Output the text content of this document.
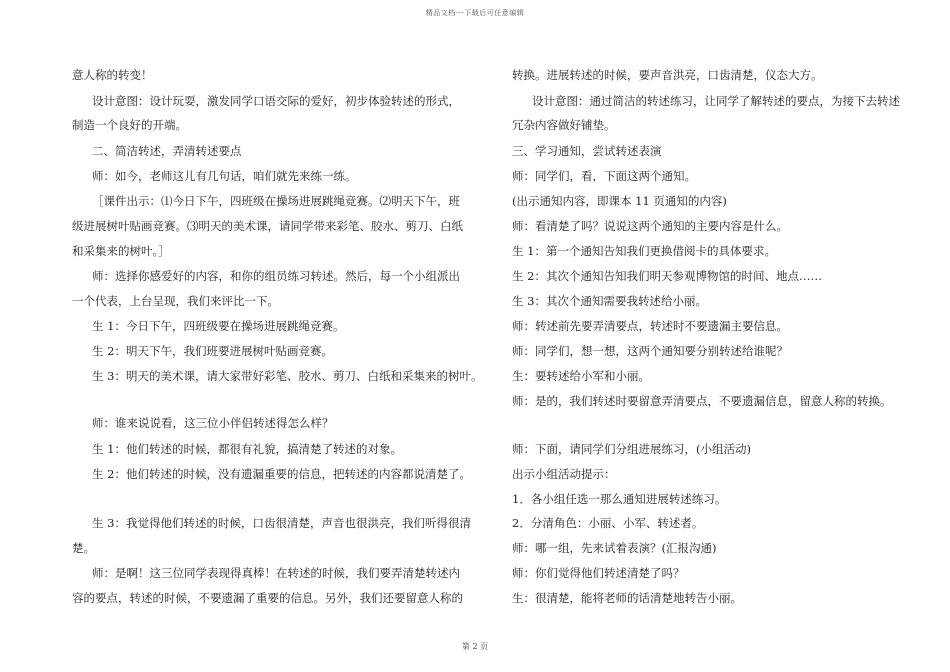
精品文档---下载后可任意编辑
意人称的转变！
设计意图：设计玩耍，激发同学口语交际的爱好，初步体验转述的形式，
制造一个良好的开端。
二、简洁转述，弄清转述要点
师：如今，老师这儿有几句话，咱们就先来练一练。
［课件出示：⑴今日下午，四班级在操场进展跳绳竞赛。⑵明天下午，班
级进展树叶贴画竞赛。⑶明天的美术课，请同学带来彩笔、胶水、剪刀、白纸
和采集来的树叶。］
师：选择你感爱好的内容，和你的组员练习转述。然后，每一个小组派出
一个代表，上台呈现，我们来评比一下。
生 1：今日下午，四班级要在操场进展跳绳竞赛。
生 2：明天下午，我们班要进展树叶贴画竞赛。
生 3：明天的美术课，请大家带好彩笔、胶水、剪刀、白纸和采集来的树叶。
师：谁来说说看，这三位小伴侣转述得怎么样？
生 1：他们转述的时候，都很有礼貌，搞清楚了转述的对象。
生 2：他们转述的时候，没有遗漏重要的信息，把转述的内容都说清楚了。
生 3：我觉得他们转述的时候，口齿很清楚，声音也很洪亮，我们听得很清
楚。
师：是啊！这三位同学表现得真棒！在转述的时候，我们要弄清楚转述内
容的要点，转述的时候，不要遗漏了重要的信息。另外，我们还要留意人称的
转换。进展转述的时候，要声音洪亮，口齿清楚，仪态大方。
设计意图：通过简洁的转述练习，让同学了解转述的要点，为接下去转述
冗杂内容做好铺垫。
三、学习通知，尝试转述表演
师：同学们，看，下面这两个通知。
(出示通知内容，即课本 11 页通知的内容)
师：看清楚了吗？说说这两个通知的主要内容是什么。
生 1：第一个通知告知我们更换借阅卡的具体要求。
生 2：其次个通知告知我们明天参观博物馆的时间、地点……
生 3：其次个通知需要我转述给小丽。
师：转述前先要弄清要点，转述时不要遗漏主要信息。
师：同学们，想一想，这两个通知要分别转述给谁呢？
生：要转述给小军和小丽。
师：是的，我们转述时要留意弄清要点，不要遗漏信息，留意人称的转换。
师：下面，请同学们分组进展练习，(小组活动)
出示小组活动提示：
1．各小组任选一那么通知进展转述练习。
2．分清角色：小丽、小军、转述者。
师：哪一组，先来试着表演？(汇报沟通)
师：你们觉得他们转述清楚了吗？
生：很清楚，能将老师的话清楚地转告小丽。
第 2 页
